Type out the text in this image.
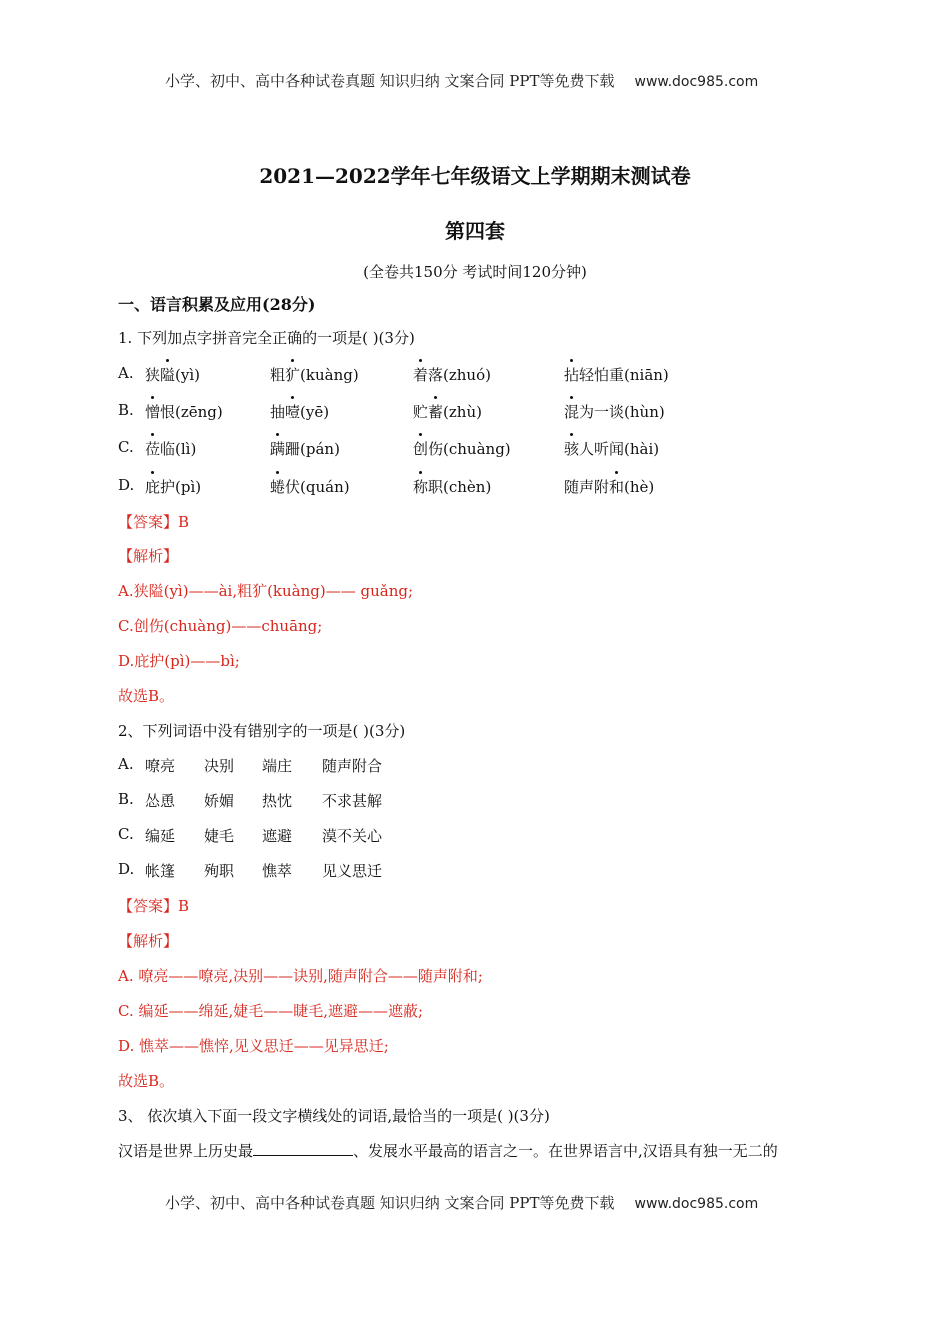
小学、初中、高中各种试卷真题 知识归纳 文案合同 PPT等免费下载 www.doc985.com
2021—2022学年七年级语文上学期期末测试卷
第四套
(全卷共150分 考试时间120分钟)
一、语言积累及应用(28分)
1. 下列加点字拼音完全正确的一项是( )(3分)
A. 狭隘(yì)	粗犷(kuàng)	着落(zhuó)	拈轻怕重(niān)
B. 憎恨(zēng)	抽噎(yē)	贮蓄(zhù)	混为一谈(hùn)
C. 莅临(lì)	蹒跚(pán)	创伤(chuàng)	骇人听闻(hài)
D. 庇护(pì)	蜷伏(quán)	称职(chèn)	随声附和(hè)
【答案】B
【解析】
A.狭隘(yì)——ài,粗犷(kuàng)—— guǎng;
C.创伤(chuàng)——chuāng;
D.庇护(pì)——bì;
故选B。
2、下列词语中没有错别字的一项是( )(3分)
A. 嘹亮 决别 端庄 随声附合
B. 怂恿 娇媚 热忱 不求甚解
C. 编延 婕毛 遮避 漠不关心
D. 帐篷 殉职 憔萃 见义思迁
【答案】B
【解析】
A. 嘹亮——嘹亮,决别——诀别,随声附合——随声附和;
C. 编延——绵延,婕毛——睫毛,遮避——遮蔽;
D. 憔萃——憔悴,见义思迁——见异思迁;
故选B。
3、 依次填入下面一段文字横线处的词语,最恰当的一项是( )(3分)
汉语是世界上历史最	、发展水平最高的语言之一。在世界语言中,汉语具有独一无二的
小学、初中、高中各种试卷真题 知识归纳 文案合同 PPT等免费下载 www.doc985.com
